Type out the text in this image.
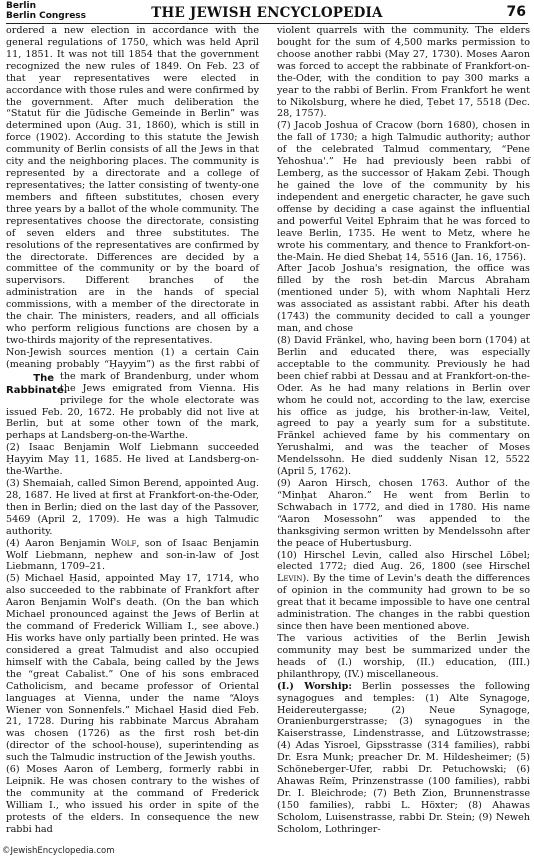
Berlin
Berlin Congress	THE JEWISH ENCYCLOPEDIA	76

ordered a new election in accordance with the general regulations of 1750, which was held April 11, 1851. It was not till 1854 that the government recognized the new rules of 1849. On Feb. 23 of that year representatives were elected in accordance with those rules and were confirmed by the government. After much deliberation the “Statut für die Jüdische Gemeinde in Berlin” was determined upon (Aug. 31, 1860), which is still in force (1902). According to this statute the Jewish community of Berlin consists of all the Jews in that city and the neighboring places. The community is represented by a directorate and a college of representatives; the latter consisting of twenty-one members and fifteen substitutes, chosen every three years by a ballot of the whole community. The representatives choose the directorate, consisting of seven elders and three substitutes. The resolutions of the representatives are confirmed by the directorate. Differences are decided by a committee of the community or by the board of supervisors. Different branches of the administration are in the hands of special commissions, with a member of the directorate in the chair. The ministers, readers, and all officials who perform religious functions are chosen by a two-thirds majority of the representatives.

Non-Jewish sources mention (1) a certain Cain (meaning probably “Ḥayyim”) as the first rabbi of
The
Rabbinate.
the mark of Brandenburg, under whom the Jews emigrated from Vienna. His privilege for the whole electorate was issued Feb. 20, 1672. He probably did not live at Berlin, but at some other town of the mark, perhaps at Landsberg-on-the-Warthe.

(2) Isaac Benjamin Wolf Liebmann succeeded Ḥayyim May 11, 1685. He lived at Landsberg-on-the-Warthe.

(3) Shemaiah, called Simon Berend, appointed Aug. 28, 1687. He lived at first at Frankfort-on-the-Oder, then in Berlin; died on the last day of the Passover, 5469 (April 2, 1709). He was a high Talmudic authority.

(4) Aaron Benjamin Wolf, son of Isaac Benjamin Wolf Liebmann, nephew and son-in-law of Jost Liebmann, 1709–21.

(5) Michael Ḥasid, appointed May 17, 1714, who also succeeded to the rabbinate of Frankfort after Aaron Benjamin Wolf's death. (On the ban which Michael pronounced against the Jews of Berlin at the command of Frederick William I., see above.) His works have only partially been printed. He was considered a great Talmudist and also occupied himself with the Cabala, being called by the Jews the “great Cabalist.” One of his sons embraced Catholicism, and became professor of Oriental languages at Vienna, under the name “Aloys Wiener von Sonnenfels.” Michael Ḥasid died Feb. 21, 1728. During his rabbinate Marcus Abraham was chosen (1726) as the first rosh bet-din (director of the school-house), superintending as such the Talmudic instruction of the Jewish youths.

(6) Moses Aaron of Lemberg, formerly rabbi in Leipnik. He was chosen contrary to the wishes of the community at the command of Frederick William I., who issued his order in spite of the protests of the elders. In consequence the new rabbi had

violent quarrels with the community. The elders bought for the sum of 4,500 marks permission to choose another rabbi (May 27, 1730). Moses Aaron was forced to accept the rabbinate of Frankfort-on-the-Oder, with the condition to pay 300 marks a year to the rabbi of Berlin. From Frankfort he went to Nikolsburg, where he died, Ṭebet 17, 5518 (Dec. 28, 1757).

(7) Jacob Joshua of Cracow (born 1680), chosen in the fall of 1730; a high Talmudic authority; author of the celebrated Talmud commentary, “Pene Yehoshua'.” He had previously been rabbi of Lemberg, as the successor of Ḥakam Ẓebi. Though he gained the love of the community by his independent and energetic character, he gave such offense by deciding a case against the influential and powerful Veitel Ephraim that he was forced to leave Berlin, 1735. He went to Metz, where he wrote his commentary, and thence to Frankfort-on-the-Main. He died Shebaṭ 14, 5516 (Jan. 16, 1756).

After Jacob Joshua's resignation, the office was filled by the rosh bet-din Marcus Abraham (mentioned under 5), with whom Naphtali Herz was associated as assistant rabbi. After his death (1743) the community decided to call a younger man, and chose

(8) David Fränkel, who, having been born (1704) at Berlin and educated there, was especially acceptable to the community. Previously he had been chief rabbi at Dessau and at Frankfort-on-the-Oder. As he had many relations in Berlin over whom he could not, according to the law, exercise his office as judge, his brother-in-law, Veitel, agreed to pay a yearly sum for a substitute. Fränkel achieved fame by his commentary on Yerushalmi, and was the teacher of Moses Mendelssohn. He died suddenly Nisan 12, 5522 (April 5, 1762).

(9) Aaron Hirsch, chosen 1763. Author of the “Minḥat Aharon.” He went from Berlin to Schwabach in 1772, and died in 1780. His name “Aaron Mosessohn” was appended to the thanksgiving sermon written by Mendelssohn after the peace of Hubertusburg.

(10) Hirschel Levin, called also Hirschel Löbel; elected 1772; died Aug. 26, 1800 (see Hirschel Levin). By the time of Levin's death the differences of opinion in the community had grown to be so great that it became impossible to have one central administration. The changes in the rabbi question since then have been mentioned above.

The various activities of the Berlin Jewish community may best be summarized under the heads of (I.) worship, (II.) education, (III.) philanthropy, (IV.) miscellaneous.

(I.) Worship: Berlin possesses the following synagogues and temples: (1) Alte Synagoge, Heidereutergasse; (2) Neue Synagoge, Oranienburgerstrasse; (3) synagogues in the Kaiserstrasse, Lindenstrasse, and Lützowstrasse; (4) Adas Yisroel, Gipsstrasse (314 families), rabbi Dr. Esra Munk; preacher Dr. M. Hildesheimer; (5) Schöneberger-Ufer, rabbi Dr. Petuchowski; (6) Ahawas Reïm, Prinzenstrasse (100 families), rabbi Dr. I. Bleichrode; (7) Beth Zion, Brunnenstrasse (150 families), rabbi L. Höxter; (8) Ahawas Scholom, Luisenstrasse, rabbi Dr. Stein; (9) Neweh Scholom, Lothringer-

©JewishEncyclopedia.com
